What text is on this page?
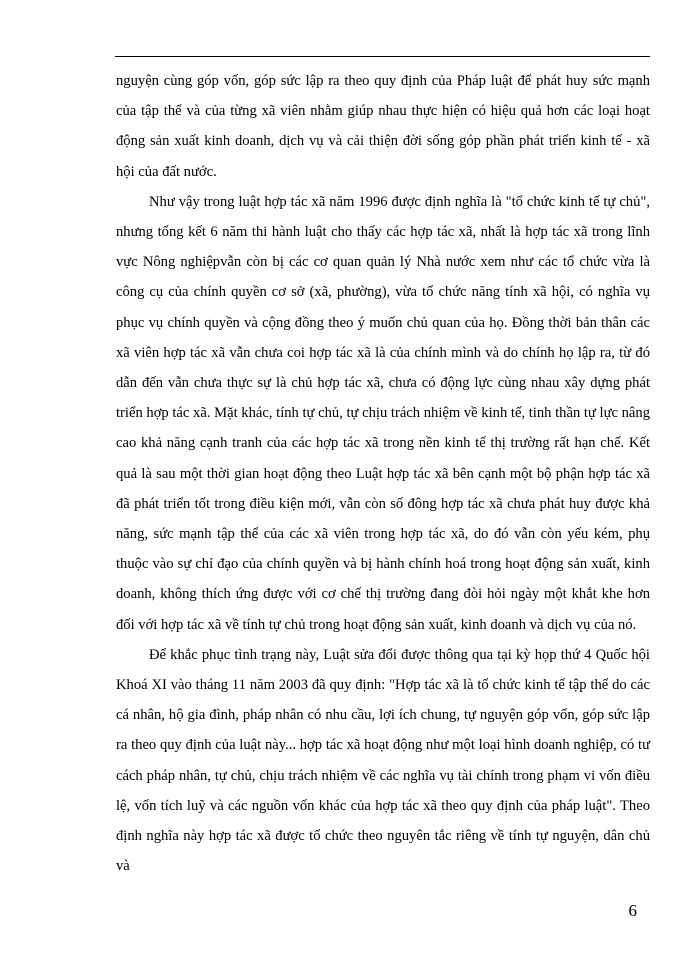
nguyện cùng góp vốn, góp sức lập ra theo quy định của Pháp luật để phát huy sức mạnh của tập thể và của từng xã viên nhằm giúp nhau thực hiện có hiệu quả hơn các loại hoạt động sản xuất kinh doanh, dịch vụ và cải thiện đời sống góp phần phát triển kinh tế - xã hội của đất nước.

Như vậy trong luật hợp tác xã năm 1996 được định nghĩa là "tổ chức kinh tế tự chủ", nhưng tổng kết 6 năm thi hành luật cho thấy các hợp tác xã, nhất là hợp tác xã trong lĩnh vực Nông nghiệpvẫn còn bị các cơ quan quản lý Nhà nước xem như các tổ chức vừa là công cụ của chính quyền cơ sở (xã, phường), vừa tổ chức năng tính xã hội, có nghĩa vụ phục vụ chính quyền và cộng đồng theo ý muốn chủ quan của họ. Đồng thời bản thân các xã viên hợp tác xã vẫn chưa coi hợp tác xã là của chính mình và do chính họ lập ra, từ đó dẫn đến vẫn chưa thực sự là chủ hợp tác xã, chưa có động lực cùng nhau xây dựng phát triển hợp tác xã. Mặt khác, tính tự chủ, tự chịu trách nhiệm về kinh tế, tinh thần tự lực nâng cao khả năng cạnh tranh của các hợp tác xã trong nền kinh tế thị trường rất hạn chế. Kết quả là sau một thời gian hoạt động theo Luật hợp tác xã bên cạnh một bộ phận hợp tác xã đã phát triển tốt trong điều kiện mới, vẫn còn số đông hợp tác xã chưa phát huy được khả năng, sức mạnh tập thể của các xã viên trong hợp tác xã, do đó vẫn còn yếu kém, phụ thuộc vào sự chỉ đạo của chính quyền và bị hành chính hoá trong hoạt động sản xuất, kinh doanh, không thích ứng được với cơ chế thị trường đang đòi hỏi ngày một khắt khe hơn đối với hợp tác xã về tính tự chủ trong hoạt động sản xuất, kinh doanh và dịch vụ của nó.

Để khắc phục tình trạng này, Luật sửa đổi được thông qua tại kỳ họp thứ 4 Quốc hội Khoá XI vào tháng 11 năm 2003 đã quy định: "Hợp tác xã là tổ chức kinh tế tập thể do các cá nhân, hộ gia đình, pháp nhân có nhu cầu, lợi ích chung, tự nguyện góp vốn, góp sức lập ra theo quy định của luật này... hợp tác xã hoạt động như một loại hình doanh nghiệp, có tư cách pháp nhân, tự chủ, chịu trách nhiệm về các nghĩa vụ tài chính trong phạm vi vốn điều lệ, vốn tích luỹ và các nguồn vốn khác của hợp tác xã theo quy định của pháp luật". Theo định nghĩa này hợp tác xã được tổ chức theo nguyên tắc riêng về tính tự nguyện, dân chủ và

6
